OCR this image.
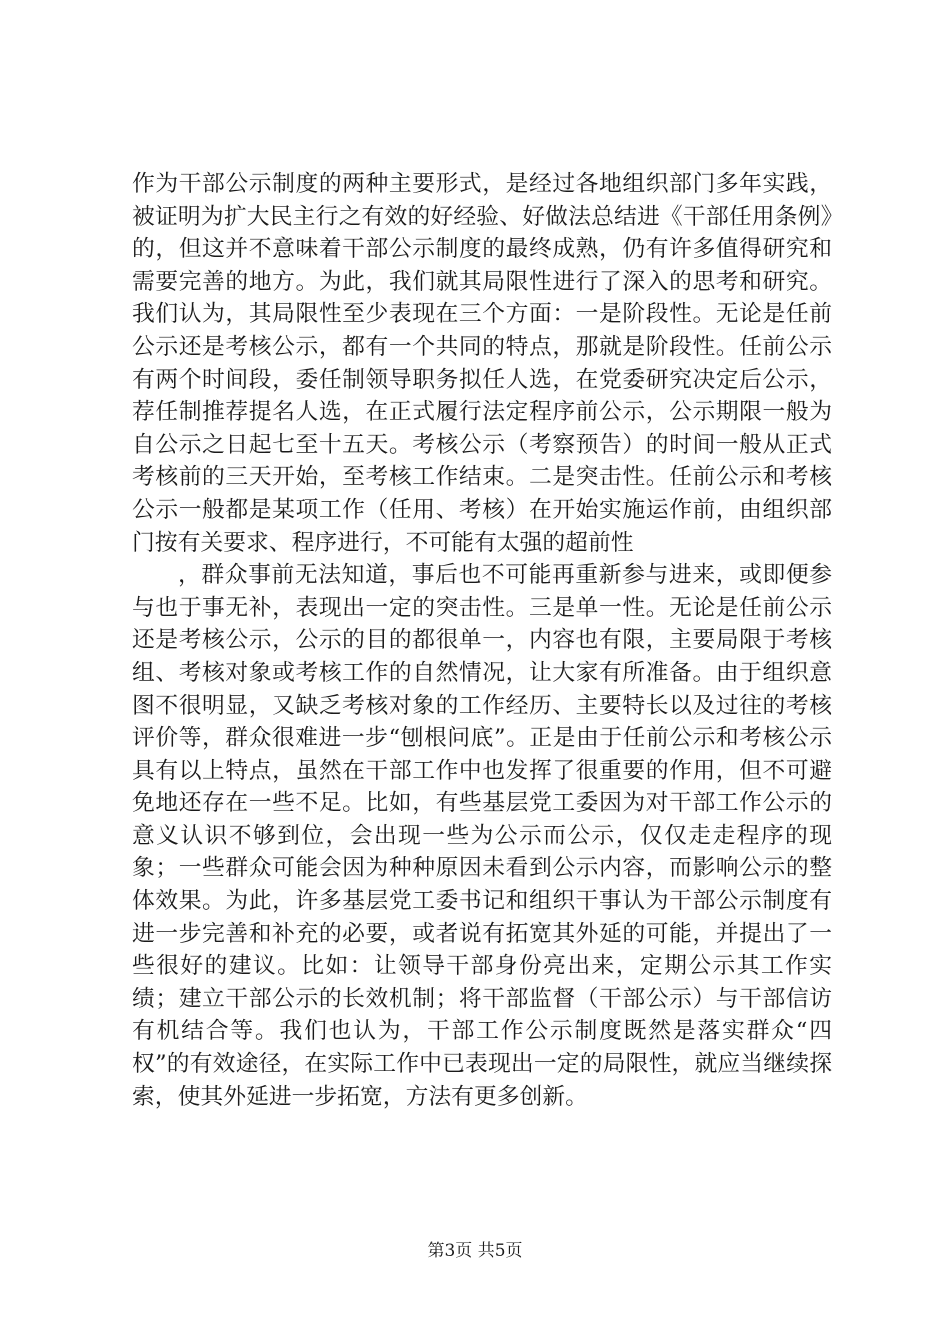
作为干部公示制度的两种主要形式，是经过各地组织部门多年实践，被证明为扩大民主行之有效的好经验、好做法总结进《干部任用条例》的，但这并不意味着干部公示制度的最终成熟，仍有许多值得研究和需要完善的地方。为此，我们就其局限性进行了深入的思考和研究。我们认为，其局限性至少表现在三个方面：一是阶段性。无论是任前公示还是考核公示，都有一个共同的特点，那就是阶段性。任前公示有两个时间段，委任制领导职务拟任人选，在党委研究决定后公示，荐任制推荐提名人选，在正式履行法定程序前公示，公示期限一般为自公示之日起七至十五天。考核公示（考察预告）的时间一般从正式考核前的三天开始，至考核工作结束。二是突击性。任前公示和考核公示一般都是某项工作（任用、考核）在开始实施运作前，由组织部门按有关要求、程序进行，不可能有太强的超前性

，群众事前无法知道，事后也不可能再重新参与进来，或即便参与也于事无补，表现出一定的突击性。三是单一性。无论是任前公示还是考核公示，公示的目的都很单一，内容也有限，主要局限于考核组、考核对象或考核工作的自然情况，让大家有所准备。由于组织意图不很明显，又缺乏考核对象的工作经历、主要特长以及过往的考核评价等，群众很难进一步“刨根问底”。正是由于任前公示和考核公示具有以上特点，虽然在干部工作中也发挥了很重要的作用，但不可避免地还存在一些不足。比如，有些基层党工委因为对干部工作公示的意义认识不够到位，会出现一些为公示而公示，仅仅走走程序的现象；一些群众可能会因为种种原因未看到公示内容，而影响公示的整体效果。为此，许多基层党工委书记和组织干事认为干部公示制度有进一步完善和补充的必要，或者说有拓宽其外延的可能，并提出了一些很好的建议。比如：让领导干部身份亮出来，定期公示其工作实绩；建立干部公示的长效机制；将干部监督（干部公示）与干部信访有机结合等。我们也认为，干部工作公示制度既然是落实群众“四权”的有效途径，在实际工作中已表现出一定的局限性，就应当继续探索，使其外延进一步拓宽，方法有更多创新。

第3页 共5页
